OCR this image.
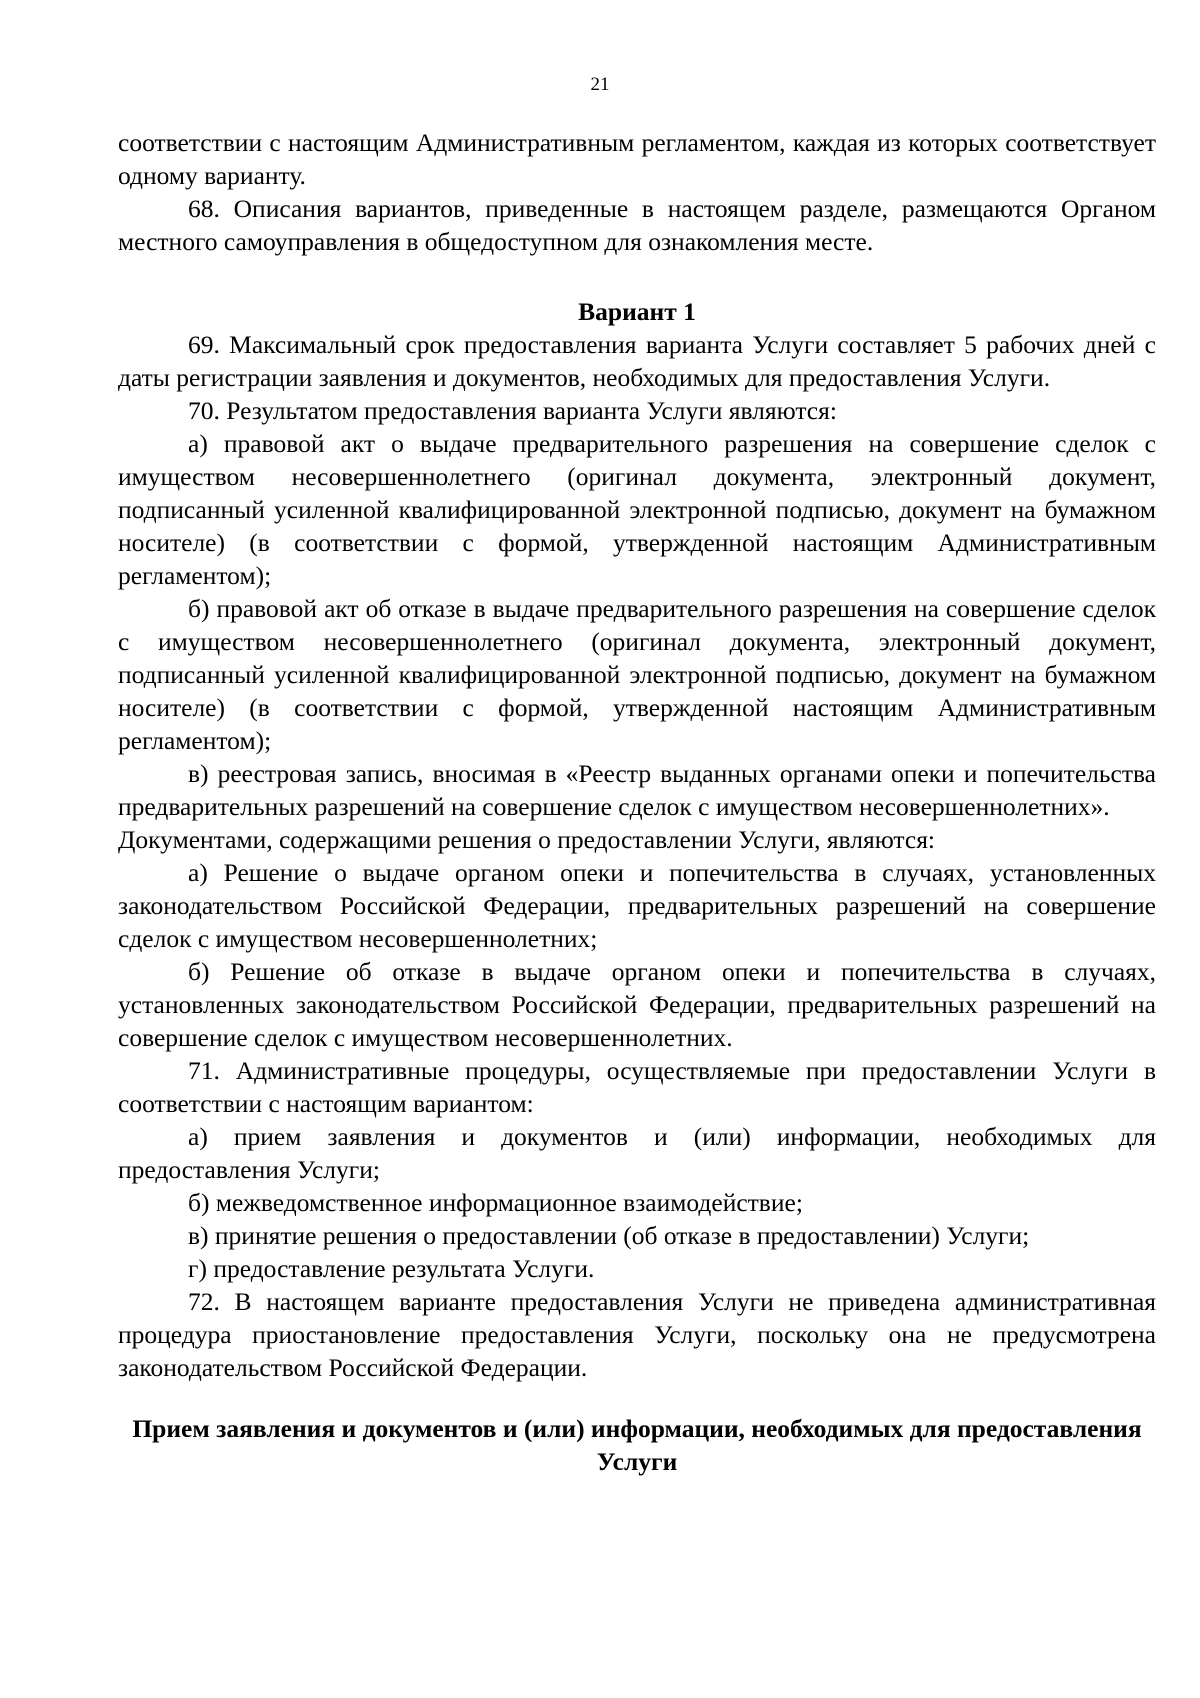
21

соответствии с настоящим Административным регламентом, каждая из которых соответствует одному варианту.

68. Описания вариантов, приведенные в настоящем разделе, размещаются Органом местного самоуправления в общедоступном для ознакомления месте.

Вариант 1

69. Максимальный срок предоставления варианта Услуги составляет 5 рабочих дней с даты регистрации заявления и документов, необходимых для предоставления Услуги.

70. Результатом предоставления варианта Услуги являются:

а) правовой акт о выдаче предварительного разрешения на совершение сделок с имуществом несовершеннолетнего (оригинал документа, электронный документ, подписанный усиленной квалифицированной электронной подписью, документ на бумажном носителе) (в соответствии с формой, утвержденной настоящим Административным регламентом);

б) правовой акт об отказе в выдаче предварительного разрешения на совершение сделок с имуществом несовершеннолетнего (оригинал документа, электронный документ, подписанный усиленной квалифицированной электронной подписью, документ на бумажном носителе) (в соответствии с формой, утвержденной настоящим Административным регламентом);

в) реестровая запись, вносимая в «Реестр выданных органами опеки и попечительства предварительных разрешений на совершение сделок с имуществом несовершеннолетних».

Документами, содержащими решения о предоставлении Услуги, являются:

а) Решение о выдаче органом опеки и попечительства в случаях, установленных законодательством Российской Федерации, предварительных разрешений на совершение сделок с имуществом несовершеннолетних;

б) Решение об отказе в выдаче органом опеки и попечительства в случаях, установленных законодательством Российской Федерации, предварительных разрешений на совершение сделок с имуществом несовершеннолетних.

71. Административные процедуры, осуществляемые при предоставлении Услуги в соответствии с настоящим вариантом:

а) прием заявления и документов и (или) информации, необходимых для предоставления Услуги;

б) межведомственное информационное взаимодействие;

в) принятие решения о предоставлении (об отказе в предоставлении) Услуги;

г) предоставление результата Услуги.

72. В настоящем варианте предоставления Услуги не приведена административная процедура приостановление предоставления Услуги, поскольку она не предусмотрена законодательством Российской Федерации.

Прием заявления и документов и (или) информации, необходимых для предоставления Услуги
